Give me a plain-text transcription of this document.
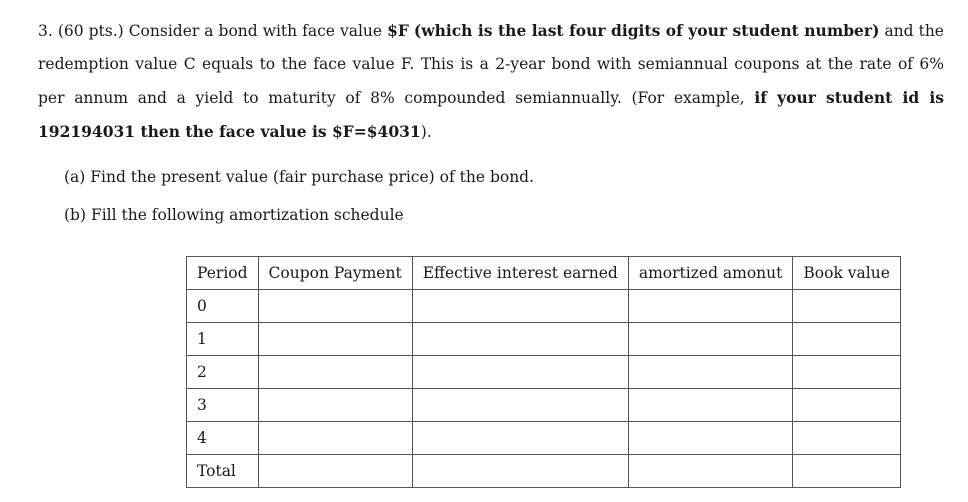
3. (60 pts.) Consider a bond with face value $F (which is the last four digits of your student number) and the redemption value C equals to the face value F. This is a 2-year bond with semiannual coupons at the rate of 6% per annum and a yield to maturity of 8% compounded semiannually. (For example, if your student id is 192194031 then the face value is $F=$4031).
(a) Find the present value (fair purchase price) of the bond.
(b) Fill the following amortization schedule
Period	Coupon Payment	Effective interest earned	amortized amonut	Book value
0				
1				
2				
3				
4				
Total				
